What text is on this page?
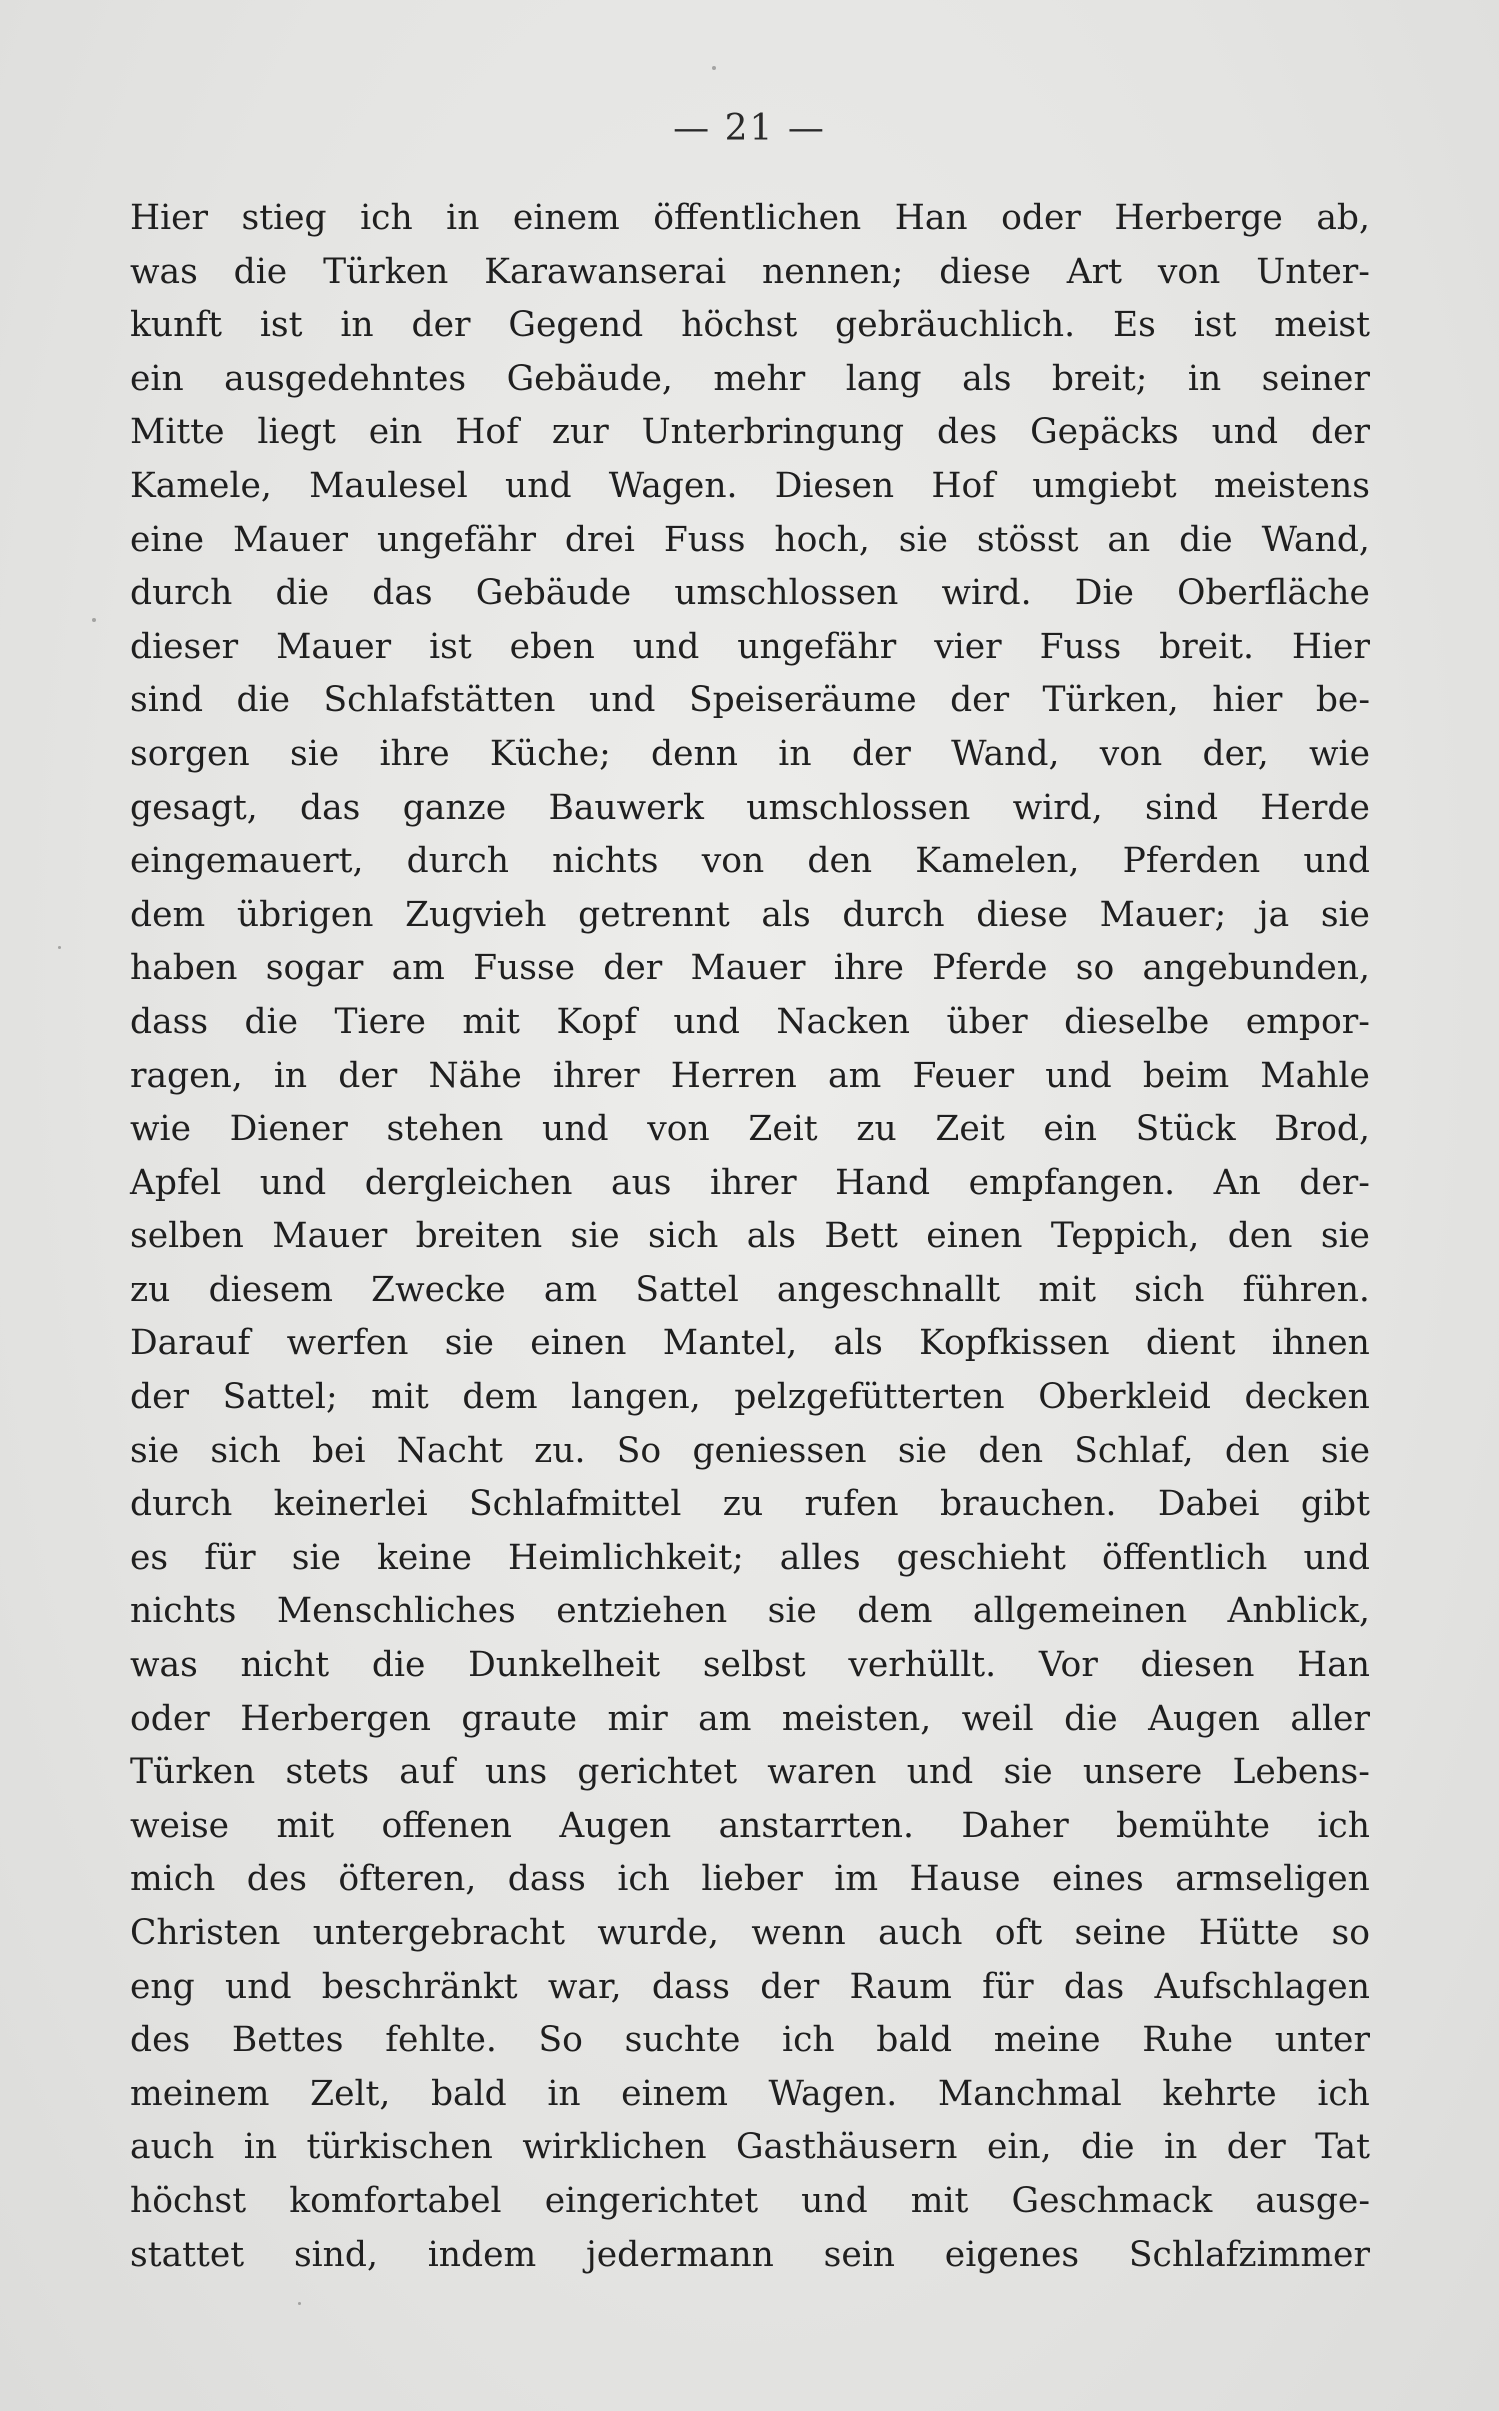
— 21 —
Hier stieg ich in einem öffentlichen Han oder Herberge ab,
was die Türken Karawanserai nennen; diese Art von Unter-
kunft ist in der Gegend höchst gebräuchlich. Es ist meist
ein ausgedehntes Gebäude, mehr lang als breit; in seiner
Mitte liegt ein Hof zur Unterbringung des Gepäcks und der
Kamele, Maulesel und Wagen. Diesen Hof umgiebt meistens
eine Mauer ungefähr drei Fuss hoch, sie stösst an die Wand,
durch die das Gebäude umschlossen wird. Die Oberfläche
dieser Mauer ist eben und ungefähr vier Fuss breit. Hier
sind die Schlafstätten und Speiseräume der Türken, hier be-
sorgen sie ihre Küche; denn in der Wand, von der, wie
gesagt, das ganze Bauwerk umschlossen wird, sind Herde
eingemauert, durch nichts von den Kamelen, Pferden und
dem übrigen Zugvieh getrennt als durch diese Mauer; ja sie
haben sogar am Fusse der Mauer ihre Pferde so angebunden,
dass die Tiere mit Kopf und Nacken über dieselbe empor-
ragen, in der Nähe ihrer Herren am Feuer und beim Mahle
wie Diener stehen und von Zeit zu Zeit ein Stück Brod,
Apfel und dergleichen aus ihrer Hand empfangen. An der-
selben Mauer breiten sie sich als Bett einen Teppich, den sie
zu diesem Zwecke am Sattel angeschnallt mit sich führen.
Darauf werfen sie einen Mantel, als Kopfkissen dient ihnen
der Sattel; mit dem langen, pelzgefütterten Oberkleid decken
sie sich bei Nacht zu. So geniessen sie den Schlaf, den sie
durch keinerlei Schlafmittel zu rufen brauchen. Dabei gibt
es für sie keine Heimlichkeit; alles geschieht öffentlich und
nichts Menschliches entziehen sie dem allgemeinen Anblick,
was nicht die Dunkelheit selbst verhüllt. Vor diesen Han
oder Herbergen graute mir am meisten, weil die Augen aller
Türken stets auf uns gerichtet waren und sie unsere Lebens-
weise mit offenen Augen anstarrten. Daher bemühte ich
mich des öfteren, dass ich lieber im Hause eines armseligen
Christen untergebracht wurde, wenn auch oft seine Hütte so
eng und beschränkt war, dass der Raum für das Aufschlagen
des Bettes fehlte. So suchte ich bald meine Ruhe unter
meinem Zelt, bald in einem Wagen. Manchmal kehrte ich
auch in türkischen wirklichen Gasthäusern ein, die in der Tat
höchst komfortabel eingerichtet und mit Geschmack ausge-
stattet sind, indem jedermann sein eigenes Schlafzimmer
